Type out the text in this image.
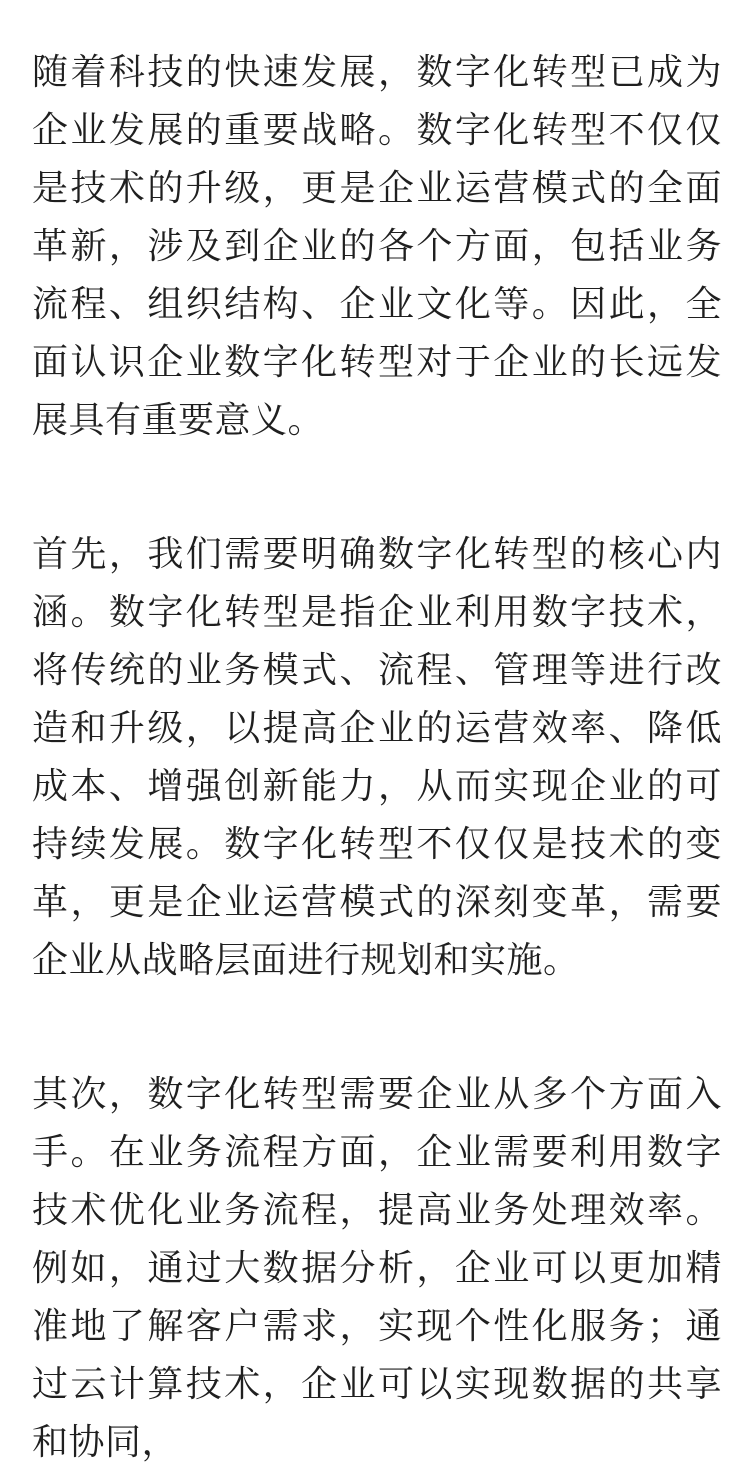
随着科技的快速发展，数字化转型已成为企业发展的重要战略。数字化转型不仅仅是技术的升级，更是企业运营模式的全面革新，涉及到企业的各个方面，包括业务流程、组织结构、企业文化等。因此，全面认识企业数字化转型对于企业的长远发展具有重要意义。

首先，我们需要明确数字化转型的核心内涵。数字化转型是指企业利用数字技术，将传统的业务模式、流程、管理等进行改造和升级，以提高企业的运营效率、降低成本、增强创新能力，从而实现企业的可持续发展。数字化转型不仅仅是技术的变革，更是企业运营模式的深刻变革，需要企业从战略层面进行规划和实施。

其次，数字化转型需要企业从多个方面入手。在业务流程方面，企业需要利用数字技术优化业务流程，提高业务处理效率。例如，通过大数据分析，企业可以更加精准地了解客户需求，实现个性化服务；通过云计算技术，企业可以实现数据的共享和协同，
